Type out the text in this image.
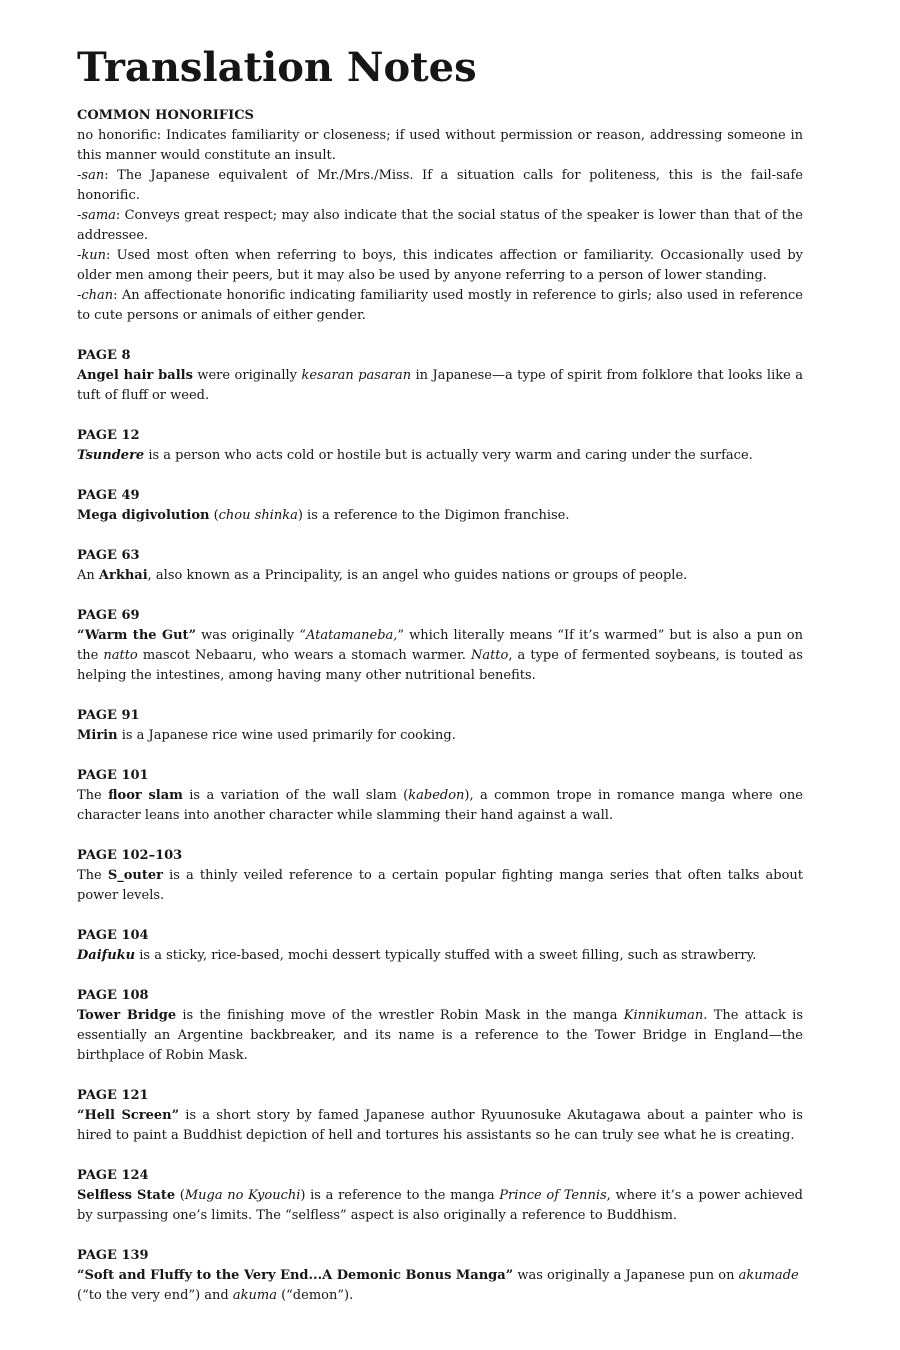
Translation Notes

COMMON HONORIFICS

no honorific: Indicates familiarity or closeness; if used without permission or reason, addressing someone in this manner would constitute an insult.

-san: The Japanese equivalent of Mr./Mrs./Miss. If a situation calls for politeness, this is the fail-safe honorific.

-sama: Conveys great respect; may also indicate that the social status of the speaker is lower than that of the addressee.

-kun: Used most often when referring to boys, this indicates affection or familiarity. Occasionally used by older men among their peers, but it may also be used by anyone referring to a person of lower standing.

-chan: An affectionate honorific indicating familiarity used mostly in reference to girls; also used in reference to cute persons or animals of either gender.

PAGE 8

Angel hair balls were originally kesaran pasaran in Japanese—a type of spirit from folklore that looks like a tuft of fluff or weed.

PAGE 12

Tsundere is a person who acts cold or hostile but is actually very warm and caring under the surface.

PAGE 49

Mega digivolution (chou shinka) is a reference to the Digimon franchise.

PAGE 63

An Arkhai, also known as a Principality, is an angel who guides nations or groups of people.

PAGE 69

“Warm the Gut” was originally “Atatamaneba,” which literally means “If it’s warmed” but is also a pun on the natto mascot Nebaaru, who wears a stomach warmer. Natto, a type of fermented soybeans, is touted as helping the intestines, among having many other nutritional benefits.

PAGE 91

Mirin is a Japanese rice wine used primarily for cooking.

PAGE 101

The floor slam is a variation of the wall slam (kabedon), a common trope in romance manga where one character leans into another character while slamming their hand against a wall.

PAGE 102–103

The S_outer is a thinly veiled reference to a certain popular fighting manga series that often talks about power levels.

PAGE 104

Daifuku is a sticky, rice-based, mochi dessert typically stuffed with a sweet filling, such as strawberry.

PAGE 108

Tower Bridge is the finishing move of the wrestler Robin Mask in the manga Kinnikuman. The attack is essentially an Argentine backbreaker, and its name is a reference to the Tower Bridge in England—the birthplace of Robin Mask.

PAGE 121

“Hell Screen” is a short story by famed Japanese author Ryuunosuke Akutagawa about a painter who is hired to paint a Buddhist depiction of hell and tortures his assistants so he can truly see what he is creating.

PAGE 124

Selfless State (Muga no Kyouchi) is a reference to the manga Prince of Tennis, where it’s a power achieved by surpassing one’s limits. The “selfless” aspect is also originally a reference to Buddhism.

PAGE 139

“Soft and Fluffy to the Very End...A Demonic Bonus Manga” was originally a Japanese pun on akumade (“to the very end”) and akuma (“demon”).
